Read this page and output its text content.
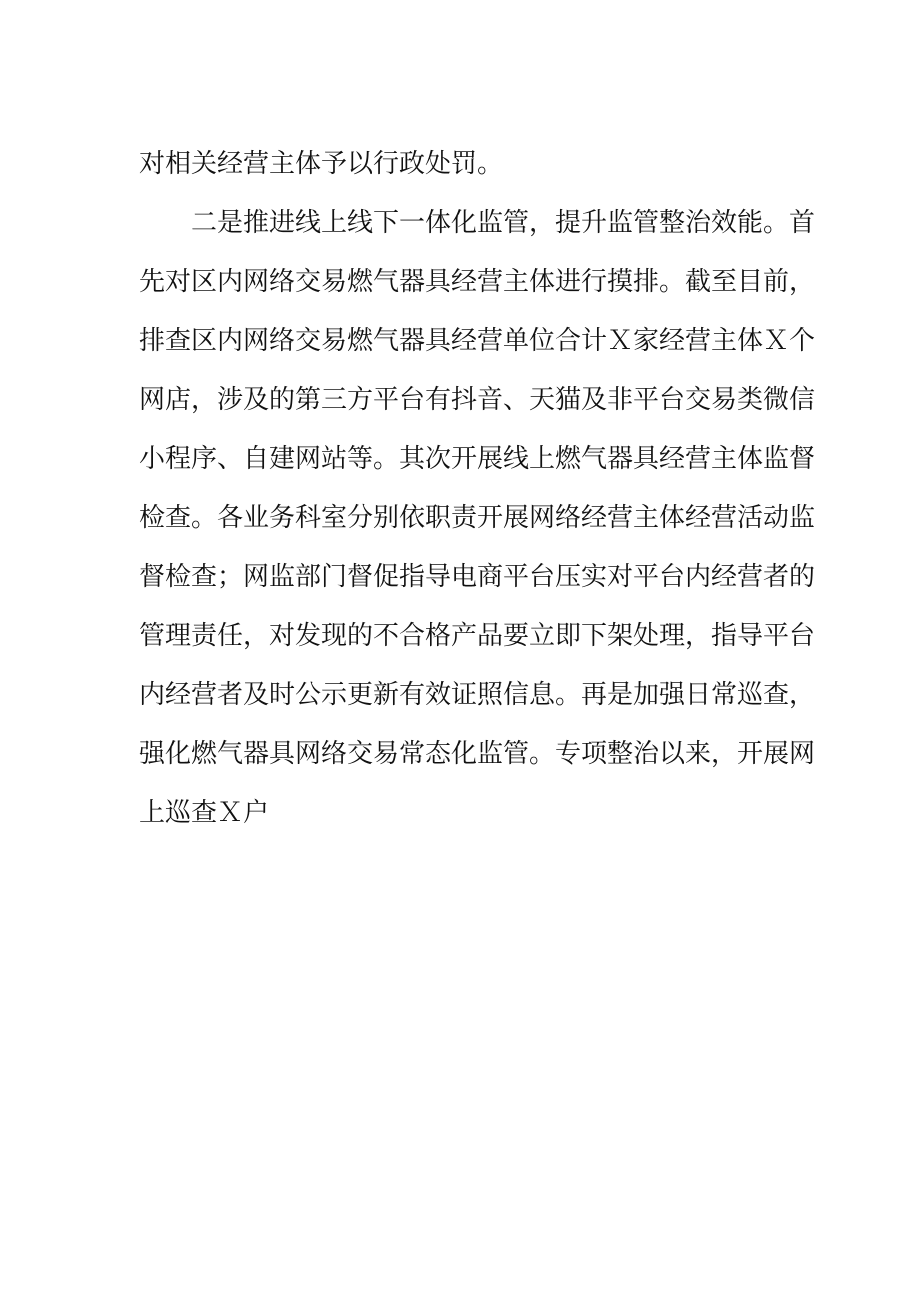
对相关经营主体予以行政处罚。
二是推进线上线下一体化监管，提升监管整治效能。首
先对区内网络交易燃气器具经营主体进行摸排。截至目前，
排查区内网络交易燃气器具经营单位合计Ｘ家经营主体Ｘ个
网店，涉及的第三方平台有抖音、天猫及非平台交易类微信
小程序、自建网站等。其次开展线上燃气器具经营主体监督
检查。各业务科室分别依职责开展网络经营主体经营活动监
督检查；网监部门督促指导电商平台压实对平台内经营者的
管理责任，对发现的不合格产品要立即下架处理，指导平台
内经营者及时公示更新有效证照信息。再是加强日常巡查，
强化燃气器具网络交易常态化监管。专项整治以来，开展网
上巡查Ｘ户
